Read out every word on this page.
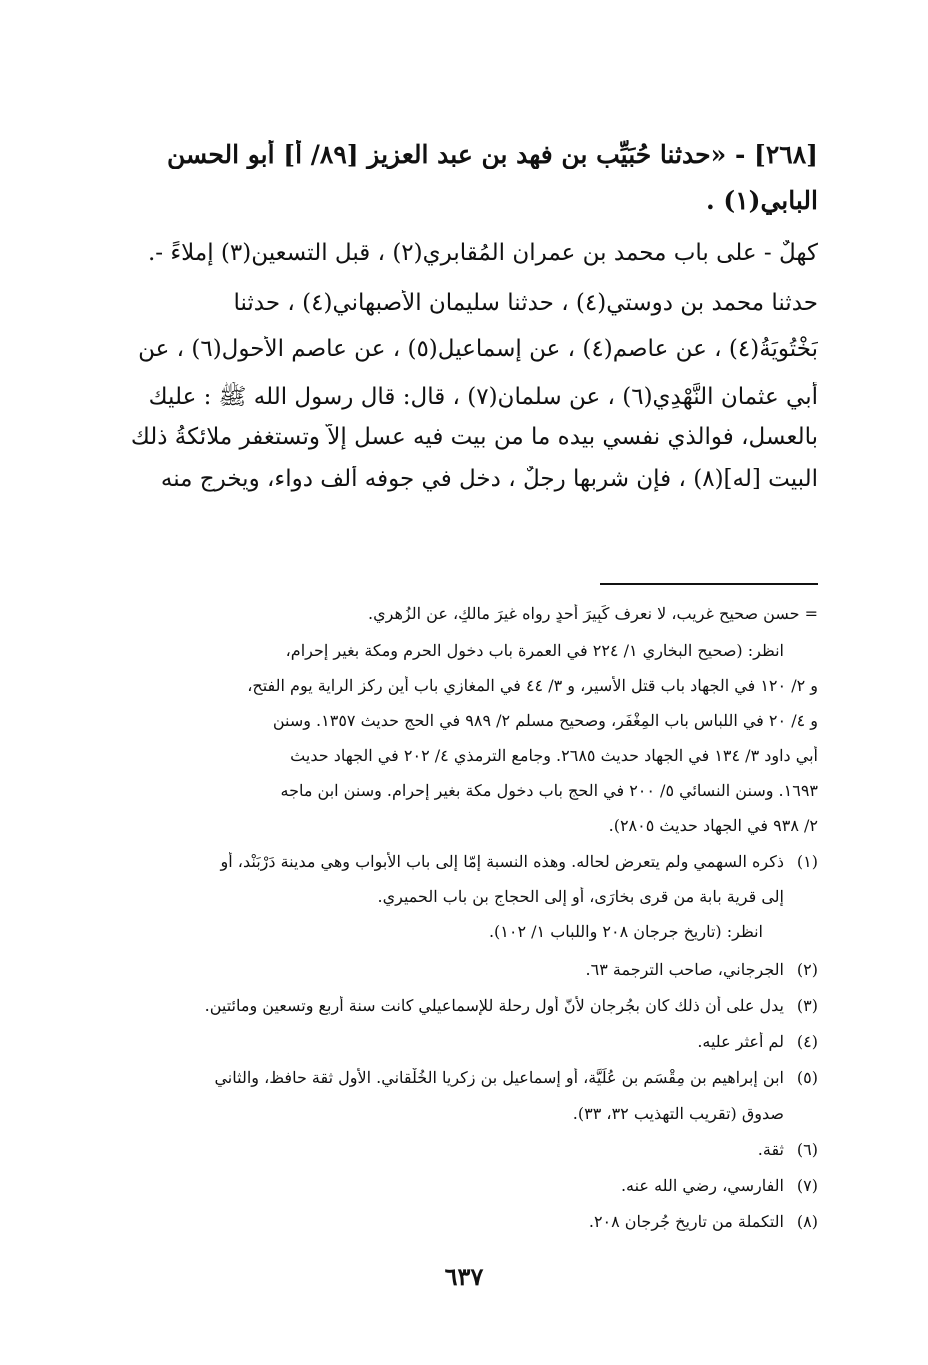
[٢٦٨] - «حدثنا حُبَيِّب بن فهد بن عبد العزيز [٨٩/ أ] أبو الحسن
البابي(١) .
كهلٌ - على باب محمد بن عمران المُقابري(٢) ، قبل التسعين(٣) إملاءً -.
حدثنا محمد بن دوستي(٤) ، حدثنا سليمان الأصبهاني(٤) ، حدثنا
بَخْتُويَةُ(٤) ، عن عاصم(٤) ، عن إسماعيل(٥) ، عن عاصم الأحول(٦) ، عن
أبي عثمان النَّهْدِي(٦) ، عن سلمان(٧) ، قال: قال رسول الله ﷺ : عليك
بالعسل، فوالذي نفسي بيده ما من بيت فيه عسل إلاّ وتستغفر ملائكةُ ذلك
البيت [له](٨) ، فإن شربها رجلٌ ، دخل في جوفه ألف دواء، ويخرج منه
= حسن صحيح غريب، لا نعرف كَبِيرَ أحدٍ رواه غيرَ مالكٍ، عن الزُهري.
انظر: (صحيح البخاري ١/ ٢٢٤ في العمرة باب دخول الحرم ومكة بغير إحرام،
و ٢/ ١٢٠ في الجهاد باب قتل الأسير، و ٣/ ٤٤ في المغازي باب أين ركز الراية يوم الفتح،
و ٤/ ٢٠ في اللباس باب المِغْفَر، وصحيح مسلم ٢/ ٩٨٩ في الحج حديث ١٣٥٧. وسنن
أبي داود ٣/ ١٣٤ في الجهاد حديث ٢٦٨٥. وجامع الترمذي ٤/ ٢٠٢ في الجهاد حديث
١٦٩٣. وسنن النسائي ٥/ ٢٠٠ في الحج باب دخول مكة بغير إحرام. وسنن ابن ماجه
٢/ ٩٣٨ في الجهاد حديث ٢٨٠٥).
(١)ذكره السهمي ولم يتعرض لحاله. وهذه النسبة إمّا إلى باب الأبواب وهي مدينة دَرْبَنْد، أو
إلى قرية بابة من قرى بخارَى، أو إلى الحجاج بن باب الحميري.
انظر: (تاريخ جرجان ٢٠٨ واللباب ١/ ١٠٢).
(٢)الجرجاني، صاحب الترجمة ٦٣.
(٣)يدل على أن ذلك كان بجُرجان لأنّ أول رحلة للإسماعيلي كانت سنة أربع وتسعين ومائتين.
(٤)لم أعثر عليه.
(٥)ابن إبراهيم بن مِقْسَم بن عُلَيَّة، أو إسماعيل بن زكريا الخُلْقاني. الأول ثقة حافظ، والثاني
صدوق (تقريب التهذيب ٣٢، ٣٣).
(٦)ثقة.
(٧)الفارسي، رضي الله عنه.
(٨)التكملة من تاريخ جُرجان ٢٠٨.
٦٣٧
